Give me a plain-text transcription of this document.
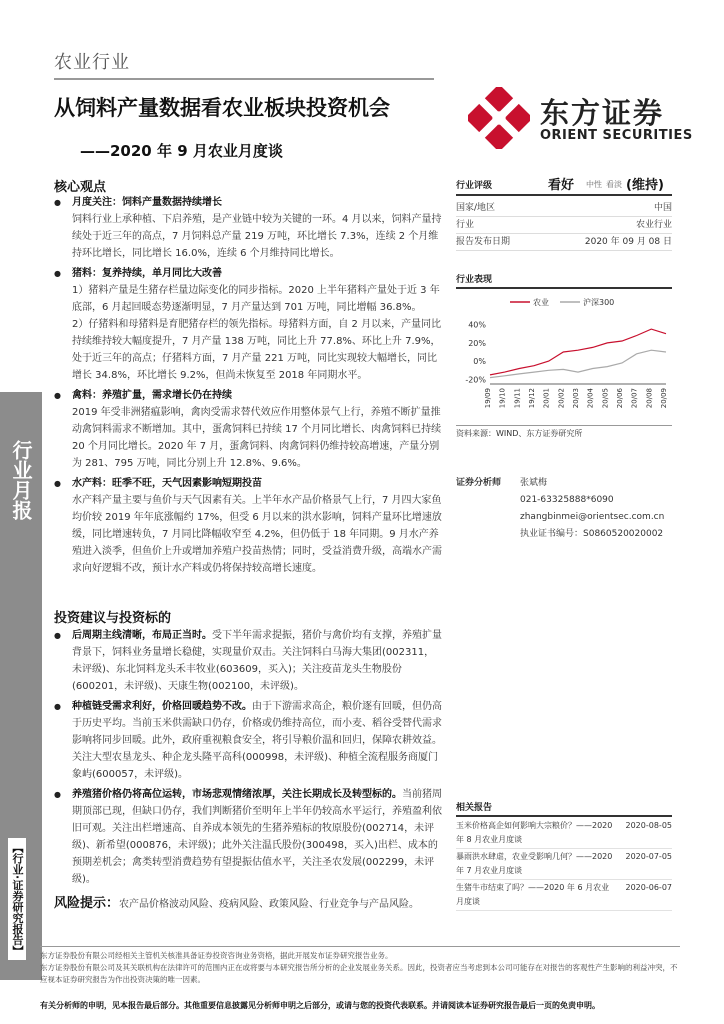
农业行业
从饲料产量数据看农业板块投资机会
——2020 年 9 月农业月度谈
东方证券
ORIENT SECURITIES
行业月报
【行业·证券研究报告】
核心观点
● 月度关注：饲料产量数据持续增长
饲料行业上承种植、下启养殖，是产业链中较为关键的一环。4 月以来，饲料产量持续处于近三年的高点，7 月饲料总产量 219 万吨，环比增长 7.3%，连续 2 个月维持环比增长，同比增长 16.0%，连续 6 个月维持同比增长。
● 猪料：复养持续，单月同比大改善
1）猪料产量是生猪存栏量边际变化的同步指标。2020 上半年猪料产量处于近 3 年底部，6 月起回暖态势逐渐明显，7 月产量达到 701 万吨，同比增幅 36.8%。
2）仔猪料和母猪料是育肥猪存栏的领先指标。母猪料方面，自 2 月以来，产量同比持续维持较大幅度提升，7 月产量 138 万吨，同比上升 77.8%、环比上升 7.9%，处于近三年的高点；仔猪料方面，7 月产量 221 万吨，同比实现较大幅增长，同比增长 34.8%，环比增长 9.2%，但尚未恢复至 2018 年同期水平。
● 禽料：养殖扩量，需求增长仍在持续
2019 年受非洲猪瘟影响，禽肉受需求替代效应作用整体景气上行，养殖不断扩量推动禽饲料需求不断增加。其中，蛋禽饲料已持续 17 个月同比增长、肉禽饲料已持续 20 个月同比增长。2020 年 7 月，蛋禽饲料、肉禽饲料仍维持较高增速，产量分别为 281、795 万吨，同比分别上升 12.8%、9.6%。
● 水产料：旺季不旺，天气因素影响短期投苗
水产料产量主要与鱼价与天气因素有关。上半年水产品价格景气上行，7 月四大家鱼均价较 2019 年年底涨幅约 17%，但受 6 月以来的洪水影响，饲料产量环比增速放缓，同比增速转负，7 月同比降幅收窄至 4.2%，但仍低于 18 年同期。9 月水产养殖进入淡季，但鱼价上升或增加养殖户投苗热情；同时，受益消费升级，高端水产需求向好逻辑不改，预计水产料或仍将保持较高增长速度。
投资建议与投资标的
● 后周期主线清晰，布局正当时。受下半年需求提振，猪价与禽价均有支撑，养殖扩量背景下，饲料业务量增长稳健，实现量价双击。关注饲料白马海大集团(002311，未评级)、东北饲料龙头禾丰牧业(603609，买入)；关注疫苗龙头生物股份(600201，未评级)、天康生物(002100，未评级)。
● 种植链受需求利好，价格回暖趋势不改。由于下游需求高企，粮价逐有回暖，但仍高于历史平均。当前玉米供需缺口仍存，价格或仍维持高位，而小麦、稻谷受替代需求影响将同步回暖。此外，政府重视粮食安全，将引导粮价温和回归，保障农耕效益。关注大型农垦龙头、种企龙头隆平高科(000998，未评级)、种植全流程服务商厦门象屿(600057，未评级)。
● 养殖猪价格仍将高位运转，市场悲观情绪浓厚，关注长期成长及转型标的。当前猪周期顶部已现，但缺口仍存，我们判断猪价至明年上半年仍较高水平运行，养殖盈利依旧可观。关注出栏增速高、自养成本领先的生猪养殖标的牧原股份(002714，未评级)、新希望(000876，未评级)；此外关注温氏股份(300498，买入)出栏、成本的预期差机会；禽类转型消费趋势有望提振估值水平，关注圣农发展(002299，未评级)。
风险提示：农产品价格波动风险、疫病风险、政策风险、行业竞争与产品风险。
行业评级	看好 中性 看淡 (维持)
国家/地区	中国
行业	农业行业
报告发布日期	2020 年 09 月 08 日
行业表现
农业	沪深300
40%
20%
0%
-20%
19/09 19/10 19/11 19/12 20/01 20/02 20/03 20/04 20/05 20/06 20/07 20/08 20/09
资料来源：WIND、东方证券研究所
证券分析师 张斌梅
021-63325888*6090
zhangbinmei@orientsec.com.cn
执业证书编号：S0860520020002
相关报告
玉米价格高企如何影响大宗粮价？——2020 年 8 月农业月度谈
2020-08-05
暴雨洪水肆虐，农业受影响几何？——2020 年 7 月农业月度谈
2020-07-05
生猪牛市结束了吗？——2020 年 6 月农业月度谈
2020-06-07
东方证券股份有限公司经相关主管机关核准具备证券投资咨询业务资格，据此开展发布证券研究报告业务。
东方证券股份有限公司及其关联机构在法律许可的范围内正在或将要与本研究报告所分析的企业发展业务关系。因此，投资者应当考虑到本公司可能存在对报告的客观性产生影响的利益冲突，不应视本证券研究报告为作出投资决策的唯一因素。
有关分析师的申明，见本报告最后部分。其他重要信息披露见分析师申明之后部分，或请与您的投资代表联系。并请阅读本证券研究报告最后一页的免责申明。
